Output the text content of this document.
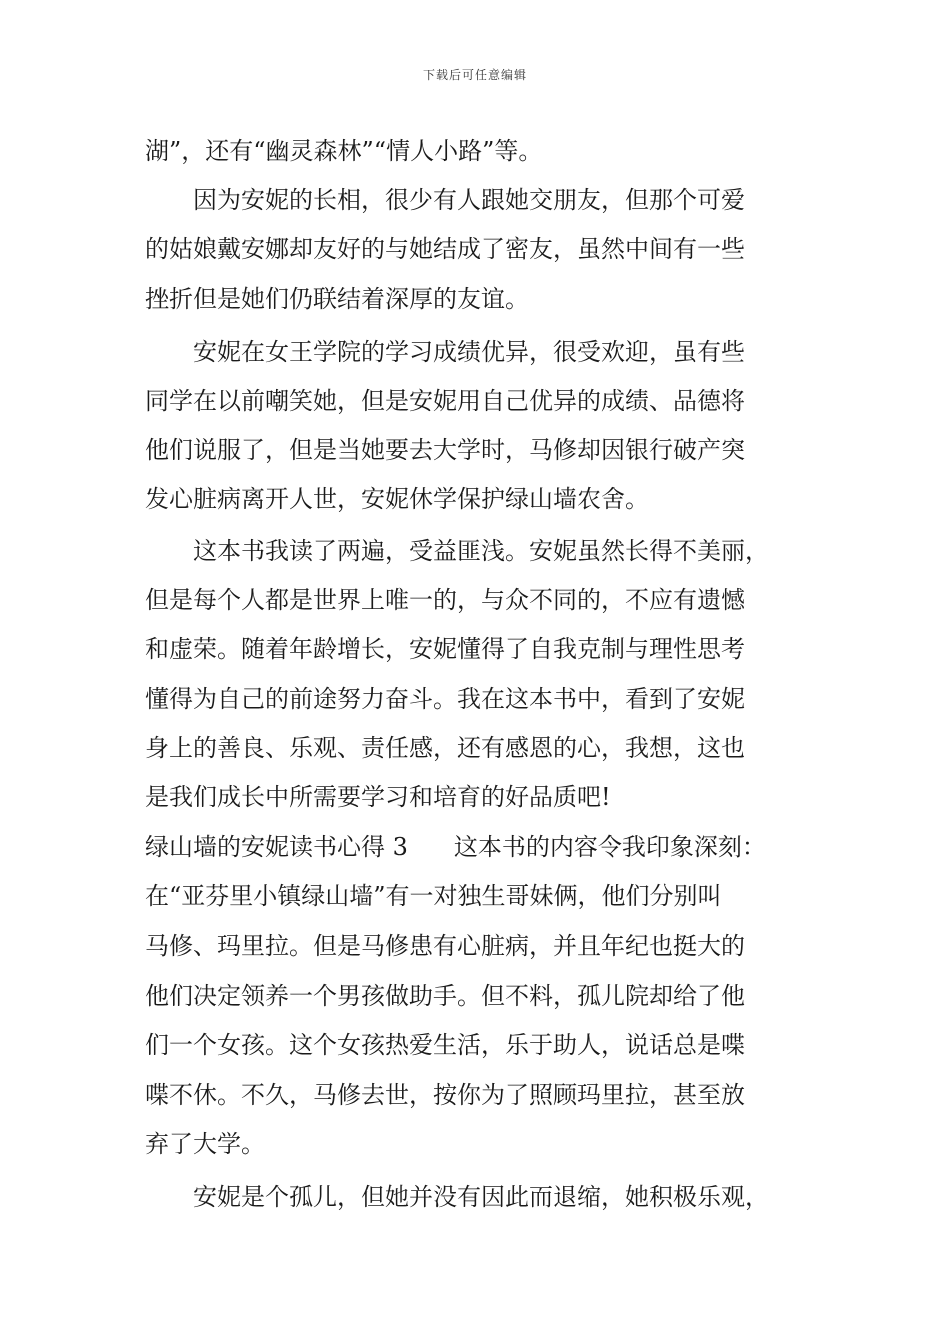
下载后可任意编辑
湖”，还有“幽灵森林”“情人小路”等。
　　因为安妮的长相，很少有人跟她交朋友，但那个可爱
的姑娘戴安娜却友好的与她结成了密友，虽然中间有一些
挫折但是她们仍联结着深厚的友谊。
　　安妮在女王学院的学习成绩优异，很受欢迎，虽有些
同学在以前嘲笑她，但是安妮用自己优异的成绩、品德将
他们说服了，但是当她要去大学时，马修却因银行破产突
发心脏病离开人世，安妮休学保护绿山墙农舍。
　　这本书我读了两遍，受益匪浅。安妮虽然长得不美丽，
但是每个人都是世界上唯一的，与众不同的，不应有遗憾
和虚荣。随着年龄增长，安妮懂得了自我克制与理性思考
懂得为自己的前途努力奋斗。我在这本书中，看到了安妮
身上的善良、乐观、责任感，还有感恩的心，我想，这也
是我们成长中所需要学习和培育的好品质吧!
绿山墙的安妮读书心得 3 这本书的内容令我印象深刻：
在“亚芬里小镇绿山墙”有一对独生哥妹俩，他们分别叫
马修、玛里拉。但是马修患有心脏病，并且年纪也挺大的
他们决定领养一个男孩做助手。但不料，孤儿院却给了他
们一个女孩。这个女孩热爱生活，乐于助人，说话总是喋
喋不休。不久，马修去世，按你为了照顾玛里拉，甚至放
弃了大学。
　　安妮是个孤儿，但她并没有因此而退缩，她积极乐观，
